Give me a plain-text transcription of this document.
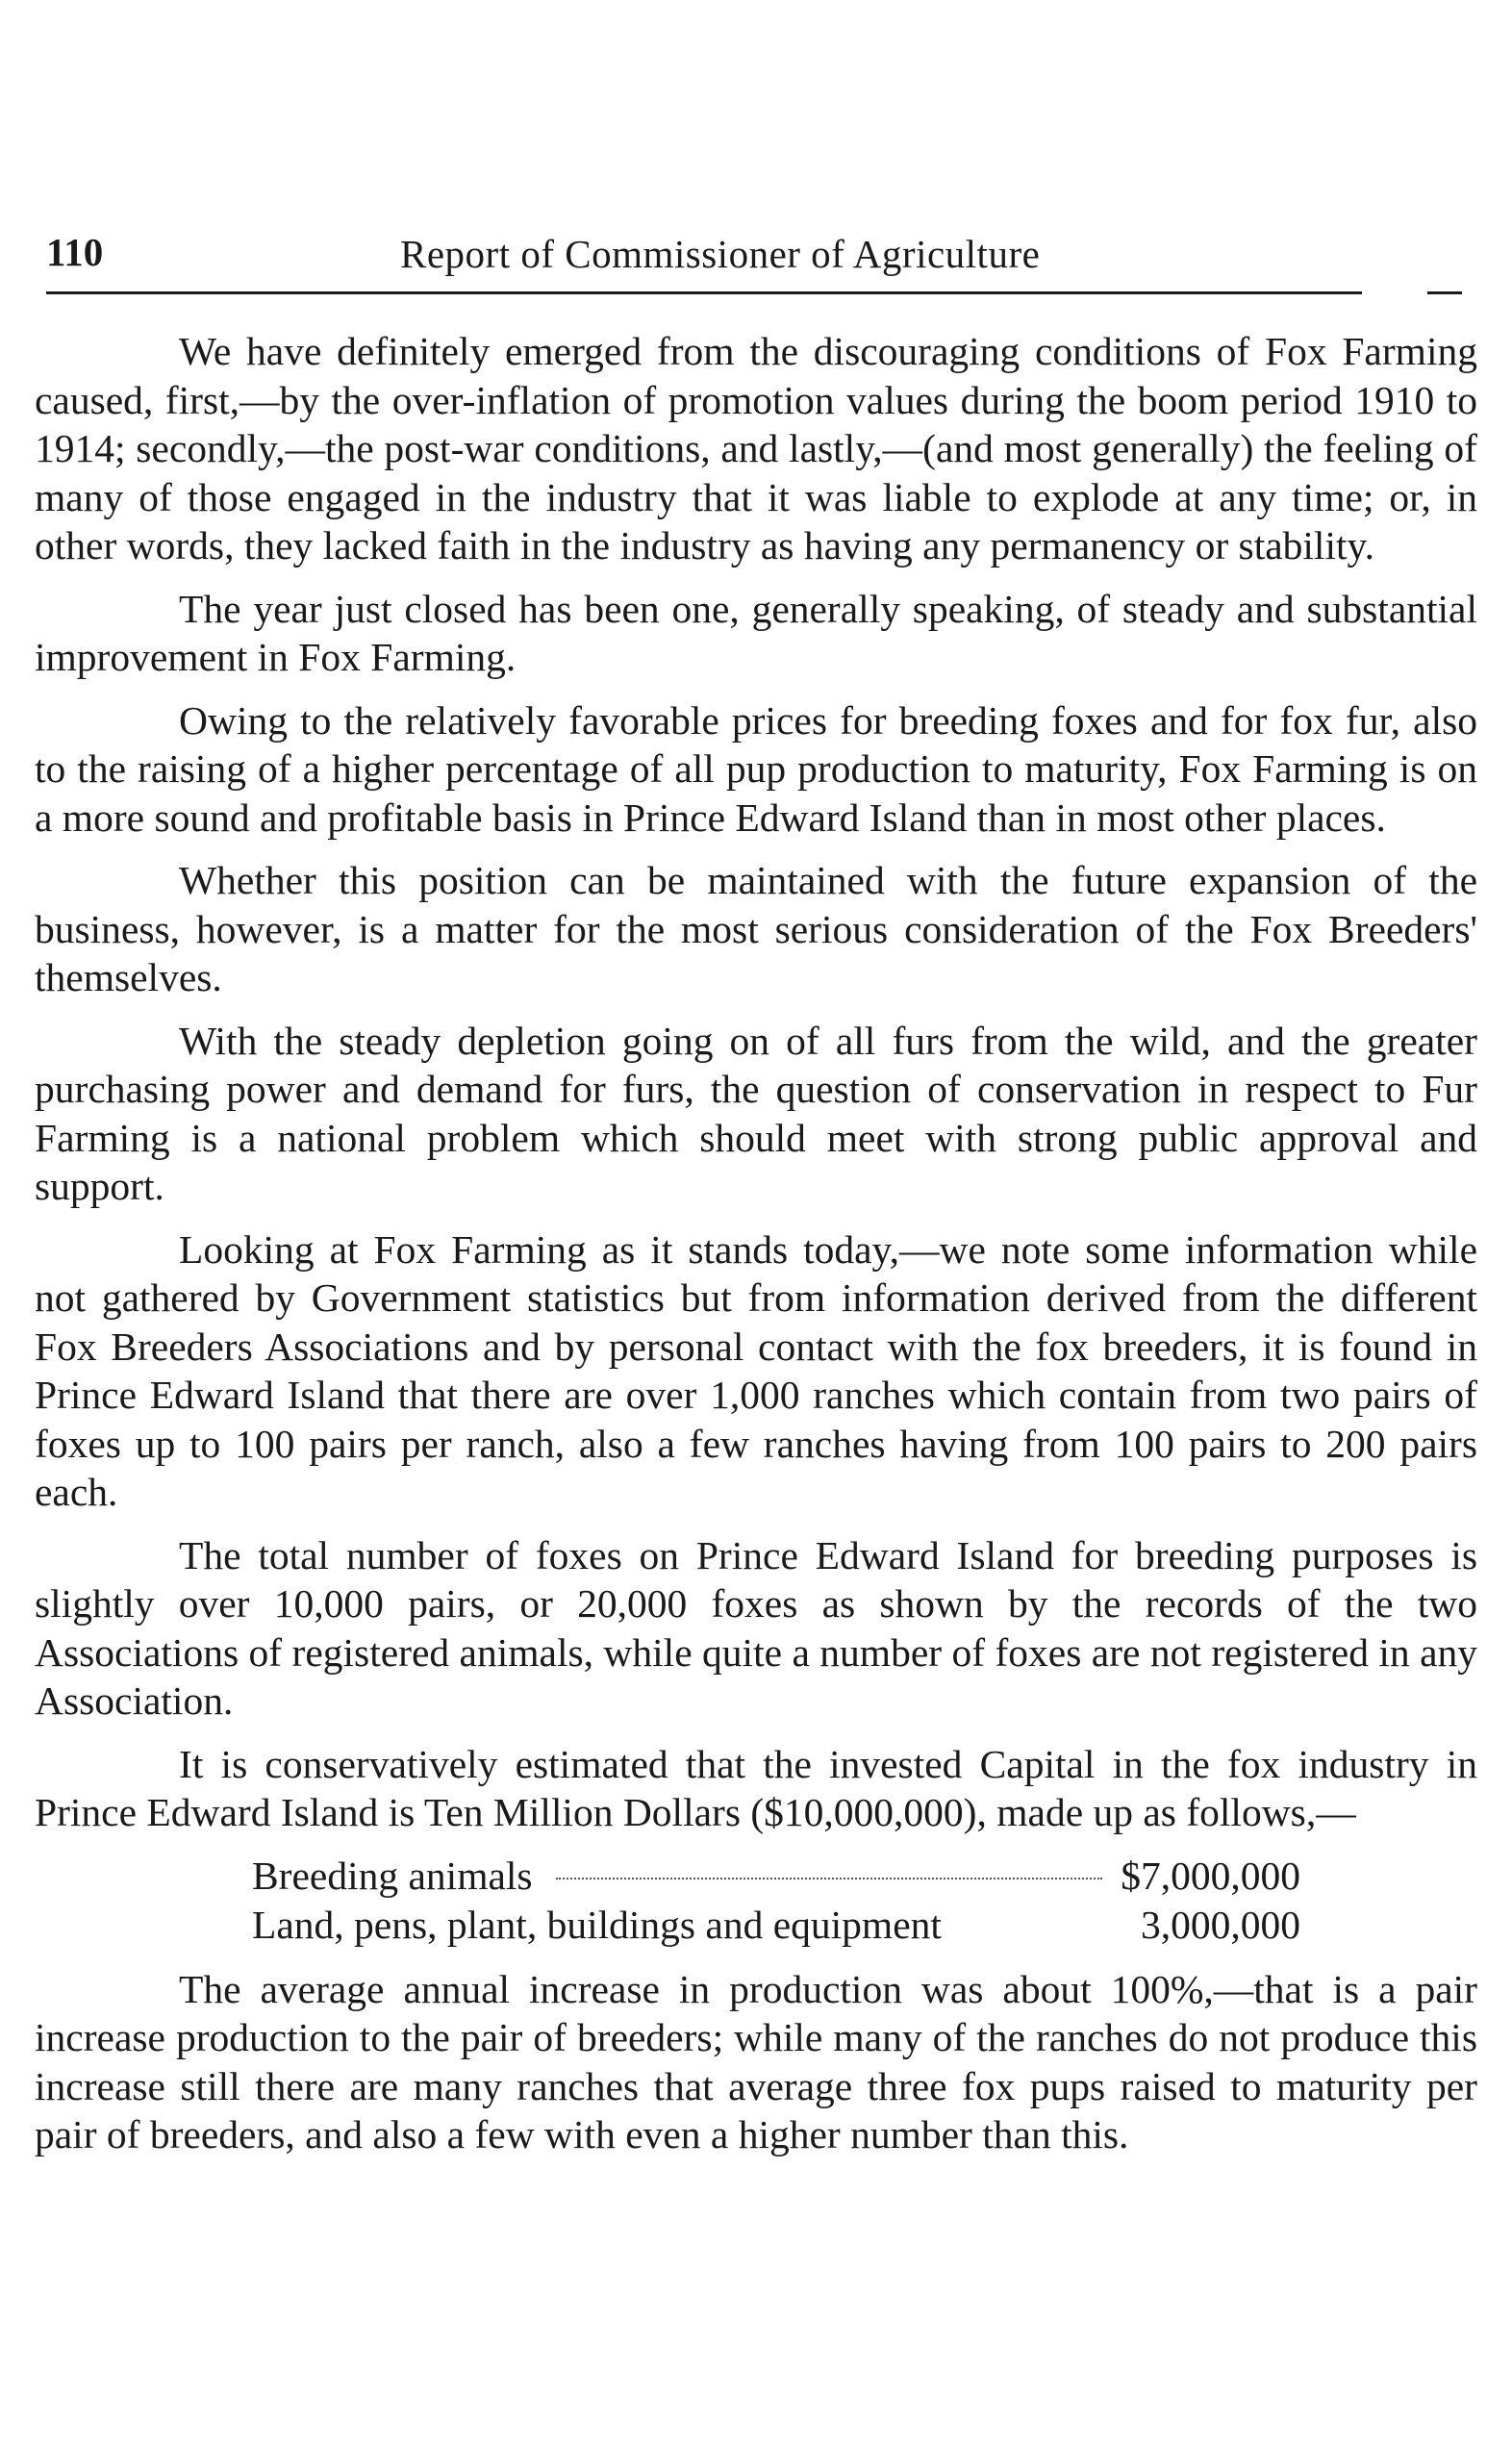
110	Report of Commissioner of Agriculture

We have definitely emerged from the discouraging conditions of Fox Farming caused, first,—by the over-inflation of promotion values during the boom period 1910 to 1914; secondly,—the post-war conditions, and lastly,—(and most generally) the feeling of many of those engaged in the industry that it was liable to explode at any time; or, in other words, they lacked faith in the industry as having any permanency or stability.

The year just closed has been one, generally speaking, of steady and substantial improvement in Fox Farming.

Owing to the relatively favorable prices for breeding foxes and for fox fur, also to the raising of a higher percentage of all pup production to maturity, Fox Farming is on a more sound and profitable basis in Prince Edward Island than in most other places.

Whether this position can be maintained with the future expansion of the business, however, is a matter for the most serious consideration of the Fox Breeders' themselves.

With the steady depletion going on of all furs from the wild, and the greater purchasing power and demand for furs, the question of conservation in respect to Fur Farming is a national problem which should meet with strong public approval and support.

Looking at Fox Farming as it stands today,—we note some information while not gathered by Government statistics but from information derived from the different Fox Breeders Associations and by personal contact with the fox breeders, it is found in Prince Edward Island that there are over 1,000 ranches which contain from two pairs of foxes up to 100 pairs per ranch, also a few ranches having from 100 pairs to 200 pairs each.

The total number of foxes on Prince Edward Island for breeding purposes is slightly over 10,000 pairs, or 20,000 foxes as shown by the records of the two Associations of registered animals, while quite a number of foxes are not registered in any Association.

It is conservatively estimated that the invested Capital in the fox industry in Prince Edward Island is Ten Million Dollars ($10,000,000), made up as follows,—

Breeding animals	$7,000,000
Land, pens, plant, buildings and equipment	3,000,000

The average annual increase in production was about 100%,—that is a pair increase production to the pair of breeders; while many of the ranches do not produce this increase still there are many ranches that average three fox pups raised to maturity per pair of breeders, and also a few with even a higher number than this.
